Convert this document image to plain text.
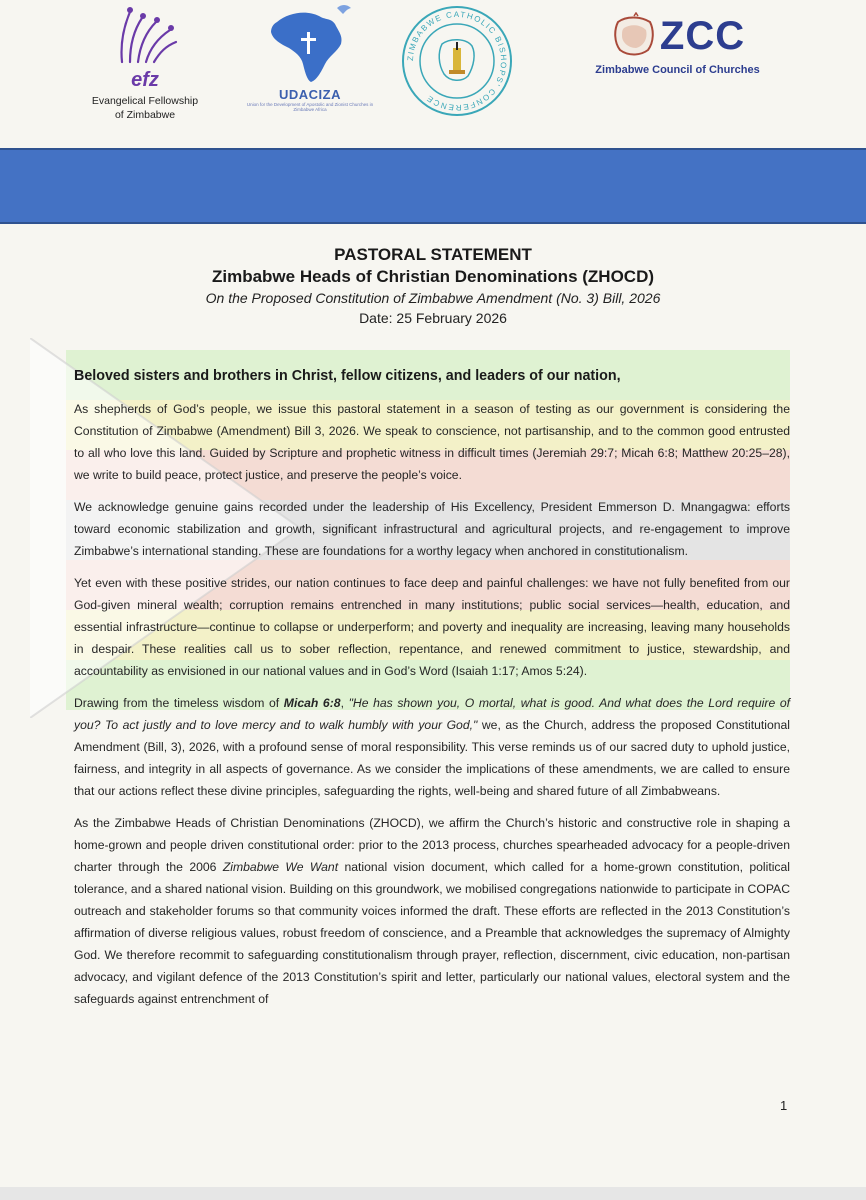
efz
Evangelical Fellowship
of Zimbabwe
UDACIZA
Union for the Development of Apostolic and Zionist Churches in Zimbabwe Africa
ZIMBABWE CATHOLIC BISHOPS' CONFERENCE
ZCC
Zimbabwe Council of Churches
PASTORAL STATEMENT
Zimbabwe Heads of Christian Denominations (ZHOCD)
On the Proposed Constitution of Zimbabwe Amendment (No. 3) Bill, 2026
Date: 25 February 2026
Beloved sisters and brothers in Christ, fellow citizens, and leaders of our nation,

As shepherds of God’s people, we issue this pastoral statement in a season of testing as our government is considering the Constitution of Zimbabwe (Amendment) Bill 3, 2026. We speak to conscience, not partisanship, and to the common good entrusted to all who love this land. Guided by Scripture and prophetic witness in difficult times (Jeremiah 29:7; Micah 6:8; Matthew 20:25–28), we write to build peace, protect justice, and preserve the people’s voice.

We acknowledge genuine gains recorded under the leadership of His Excellency, President Emmerson D. Mnangagwa: efforts toward economic stabilization and growth, significant infrastructural and agricultural projects, and re-engagement to improve Zimbabwe’s international standing. These are foundations for a worthy legacy when anchored in constitutionalism.

Yet even with these positive strides, our nation continues to face deep and painful challenges: we have not fully benefited from our God-given mineral wealth; corruption remains entrenched in many institutions; public social services—health, education, and essential infrastructure—continue to collapse or underperform; and poverty and inequality are increasing, leaving many households in despair. These realities call us to sober reflection, repentance, and renewed commitment to justice, stewardship, and accountability as envisioned in our national values and in God’s Word (Isaiah 1:17; Amos 5:24).

Drawing from the timeless wisdom of Micah 6:8, "He has shown you, O mortal, what is good. And what does the Lord require of you? To act justly and to love mercy and to walk humbly with your God," we, as the Church, address the proposed Constitutional Amendment (Bill, 3), 2026, with a profound sense of moral responsibility. This verse reminds us of our sacred duty to uphold justice, fairness, and integrity in all aspects of governance. As we consider the implications of these amendments, we are called to ensure that our actions reflect these divine principles, safeguarding the rights, well-being and shared future of all Zimbabweans.

As the Zimbabwe Heads of Christian Denominations (ZHOCD), we affirm the Church’s historic and constructive role in shaping a home-grown and people driven constitutional order: prior to the 2013 process, churches spearheaded advocacy for a people-driven charter through the 2006 Zimbabwe We Want national vision document, which called for a home-grown constitution, political tolerance, and a shared national vision. Building on this groundwork, we mobilised congregations nationwide to participate in COPAC outreach and stakeholder forums so that community voices informed the draft. These efforts are reflected in the 2013 Constitution’s affirmation of diverse religious values, robust freedom of conscience, and a Preamble that acknowledges the supremacy of Almighty God. We therefore recommit to safeguarding constitutionalism through prayer, reflection, discernment, civic education, non-partisan advocacy, and vigilant defence of the 2013 Constitution’s spirit and letter, particularly our national values, electoral system and the safeguards against entrenchment of

1
